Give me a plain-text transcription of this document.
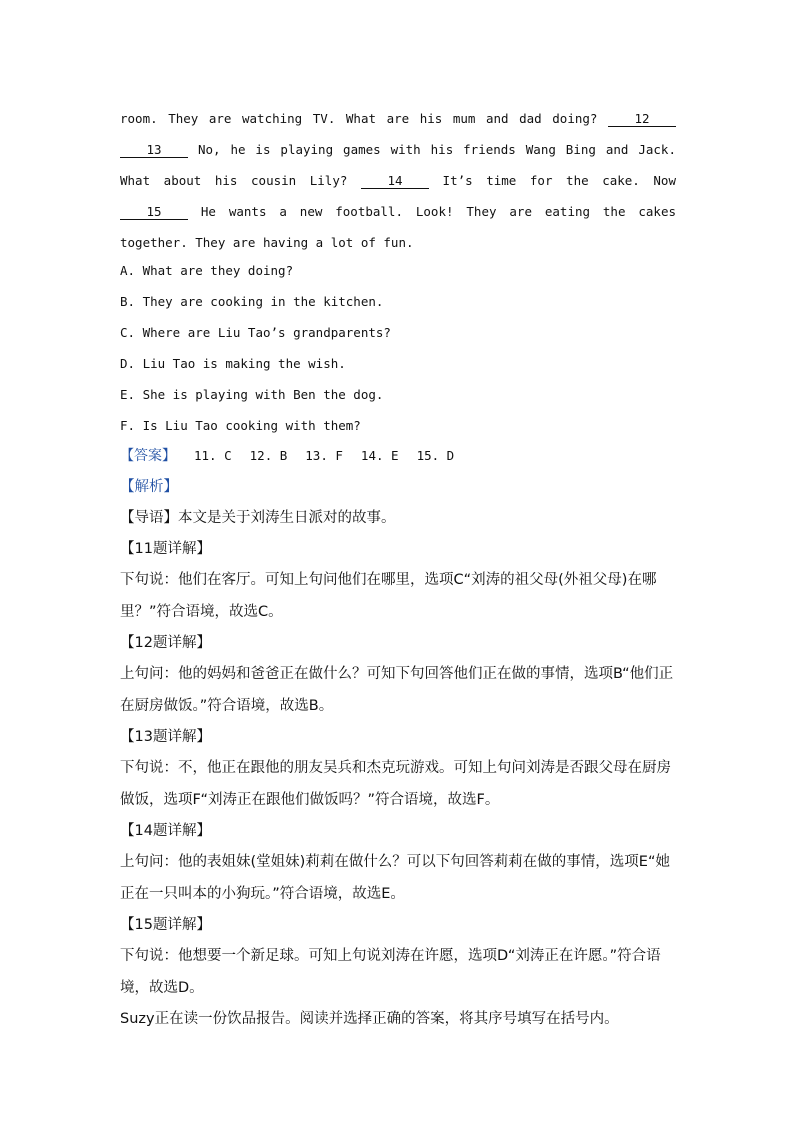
room. They are watching TV. What are his mum and dad doing?	12 13	No, he is playing games with his friends Wang Bing and Jack. What about his cousin Lily?	14	It’s time for the cake. Now 15	He wants a new football. Look! They are eating the cakes together. They are having a lot of fun.

A. What are they doing?
B. They are cooking in the kitchen.
C. Where are Liu Tao’s grandparents?
D. Liu Tao is making the wish.
E. She is playing with Ben the dog.
F. Is Liu Tao cooking with them?
【答案】 11. C 12. B 13. F 14. E 15. D
【解析】
【导语】本文是关于刘涛生日派对的故事。
【11题详解】
下句说：他们在客厅。可知上句问他们在哪里，选项C“刘涛的祖父母(外祖父母)在哪里？”符合语境，故选C。
【12题详解】
上句问：他的妈妈和爸爸正在做什么？可知下句回答他们正在做的事情，选项B“他们正在厨房做饭。”符合语境，故选B。
【13题详解】
下句说：不，他正在跟他的朋友吴兵和杰克玩游戏。可知上句问刘涛是否跟父母在厨房做饭，选项F“刘涛正在跟他们做饭吗？”符合语境，故选F。
【14题详解】
上句问：他的表姐妹(堂姐妹)莉莉在做什么？可以下句回答莉莉在做的事情，选项E“她正在一只叫本的小狗玩。”符合语境，故选E。
【15题详解】
下句说：他想要一个新足球。可知上句说刘涛在许愿，选项D“刘涛正在许愿。”符合语境，故选D。
Suzy正在读一份饮品报告。阅读并选择正确的答案，将其序号填写在括号内。
